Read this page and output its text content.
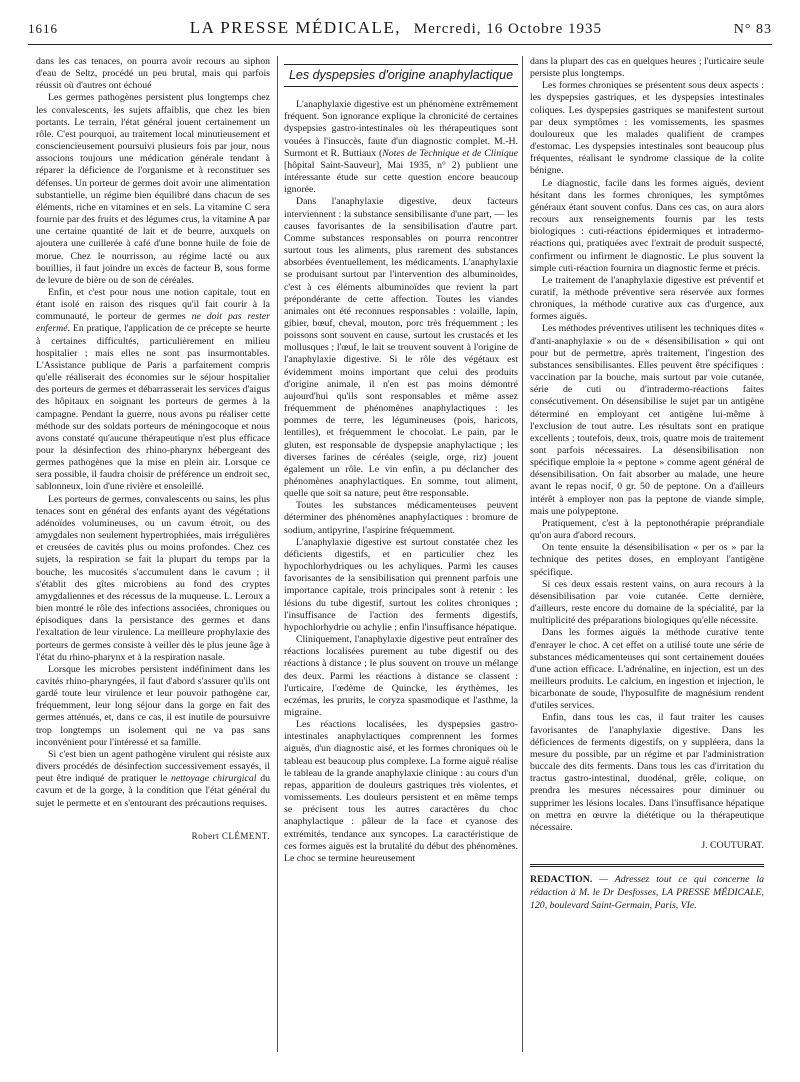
1616	LA PRESSE MÉDICALE, Mercredi, 16 Octobre 1935	N° 83

dans les cas tenaces, on pourra avoir recours au siphon d'eau de Seltz, procédé un peu brutal, mais qui parfois réussit où d'autres ont échoué

Les germes pathogènes persistent plus longtemps chez les convalescents, les sujets affaiblis, que chez les bien portants. Le terrain, l'état général jouent certainement un rôle. C'est pourquoi, au traitement local minutieusement et consciencieusement poursuivi plusieurs fois par jour, nous associons toujours une médication générale tendant à réparer la déficience de l'organisme et à reconstituer ses défenses. Un porteur de germes doit avoir une alimentation substantielle, un régime bien équilibré dans chacun de ses éléments, riche en vitamines et en sels. La vitamine C sera fournie par des fruits et des légumes crus, la vitamine A par une certaine quantité de lait et de beurre, auxquels on ajoutera une cuillerée à café d'une bonne huile de foie de morue. Chez le nourrisson, au régime lacté ou aux bouillies, il faut joindre un excès de facteur B, sous forme de levure de bière ou de son de céréales.

Enfin, et c'est pour nous une notion capitale, tout en étant isolé en raison des risques qu'il fait courir à la communauté, le porteur de germes ne doit pas rester enfermé. En pratique, l'application de ce précepte se heurte à certaines difficultés, particulièrement en milieu hospitalier ; mais elles ne sont pas insurmontables. L'Assistance publique de Paris a parfaitement compris qu'elle réaliserait des économies sur le séjour hospitalier des porteurs de germes et débarrasserait les services d'aigus des hôpitaux en soignant les porteurs de germes à la campagne. Pendant la guerre, nous avons pu réaliser cette méthode sur des soldats porteurs de méningocoque et nous avons constaté qu'aucune thérapeutique n'est plus efficace pour la désinfection des rhino-pharynx hébergeant des germes pathogènes que la mise en plein air. Lorsque ce sera possible, il faudra choisir de préférence un endroit sec, sablonneux, loin d'une rivière et ensoleillé.

Les porteurs de germes, convalescents ou sains, les plus tenaces sont en général des enfants ayant des végétations adénoïdes volumineuses, ou un cavum étroit, ou des amygdales non seulement hypertrophiées, mais irrégulières et creusées de cavités plus ou moins profondes. Chez ces sujets, la respiration se fait la plupart du temps par la bouche, les mucosités s'accumulent dans le cavum ; il s'établit des gîtes microbiens au fond des cryptes amygdaliennes et des récessus de la muqueuse. L. Leroux a bien montré le rôle des infections associées, chroniques ou épisodiques dans la persistance des germes et dans l'exaltation de leur virulence. La meilleure prophylaxie des porteurs de germes consiste à veiller dès le plus jeune âge à l'état du rhino-pharynx et à la respiration nasale.

Lorsque les microbes persistent indéfiniment dans les cavités rhino-pharyngées, il faut d'abord s'assurer qu'ils ont gardé toute leur virulence et leur pouvoir pathogène car, fréquemment, leur long séjour dans la gorge en fait des germes atténués, et, dans ce cas, il est inutile de poursuivre trop longtemps un isolement qui ne va pas sans inconvénient pour l'intéressé et sa famille.

Si c'est bien un agent pathogène virulent qui résiste aux divers procédés de désinfection successivement essayés, il peut être indiqué de pratiquer le nettoyage chirurgical du cavum et de la gorge, à la condition que l'état général du sujet le permette et en s'entourant des précautions requises.

Robert CLÉMENT.
Les dyspepsies d'origine anaphylactique

L'anaphylaxie digestive est un phénomène extrêmement fréquent. Son ignorance explique la chronicité de certaines dyspepsies gastro-intestinales où les thérapeutiques sont vouées à l'insuccès, faute d'un diagnostic complet. M.-H. Surmont et R. Buttiaux (Notes de Technique et de Clinique [hôpital Saint-Sauveur], Mai 1935, n° 2) publient une intéressante étude sur cette question encore beaucoup ignorée.

Dans l'anaphylaxie digestive, deux facteurs interviennent : la substance sensibilisante d'une part, — les causes favorisantes de la sensibilisation d'autre part. Comme substances responsables on pourra rencontrer surtout tous les aliments, plus rarement des substances absorbées éventuellement, les médicaments. L'anaphylaxie se produisant surtout par l'intervention des albuminoïdes, c'est à ces éléments albuminoïdes que revient la part prépondérante de cette affection. Toutes les viandes animales ont été reconnues responsables : volaille, lapin, gibier, bœuf, cheval, mouton, porc très fréquemment ; les poissons sont souvent en cause, surtout les crustacés et les mollusques ; l'œuf, le lait se trouvent souvent à l'origine de l'anaphylaxie digestive. Si le rôle des végétaux est évidemment moins important que celui des produits d'origine animale, il n'en est pas moins démontré aujourd'hui qu'ils sont responsables et même assez fréquemment de phénomènes anaphylactiques : les pommes de terre, les légumineuses (pois, haricots, lentilles), et fréquemment le chocolat. Le pain, par le gluten, est responsable de dyspepsie anaphylactique ; les diverses farines de céréales (seigle, orge, riz) jouent également un rôle. Le vin enfin, a pu déclancher des phénomènes anaphylactiques. En somme, tout aliment, quelle que soit sa nature, peut être responsable.

Toutes les substances médicamenteuses peuvent déterminer des phénomènes anaphylactiques : bromure de sodium, antipyrine, l'aspirine fréquemment.

L'anaphylaxie digestive est surtout constatée chez les déficients digestifs, et en particulier chez les hypochlorhydriques ou les achyliques. Parmi les causes favorisantes de la sensibilisation qui prennent parfois une importance capitale, trois principales sont à retenir : les lésions du tube digestif, surtout les colites chroniques ; l'insuffisance de l'action des ferments digestifs, hypochlorhydrie ou achylie ; enfin l'insuffisance hépatique.

Cliniquement, l'anaphylaxie digestive peut entraîner des réactions localisées purement au tube digestif ou des réactions à distance ; le plus souvent on trouve un mélange des deux. Parmi les réactions à distance se classent : l'urticaire, l'œdème de Quincke, les érythèmes, les eczémas, les prurits, le coryza spasmodique et l'asthme, la migraine.

Les réactions localisées, les dyspepsies gastro-intestinales anaphylactiques comprennent les formes aiguës, d'un diagnostic aisé, et les formes chroniques où le tableau est beaucoup plus complexe. La forme aiguë réalise le tableau de la grande anaphylaxie clinique : au cours d'un repas, apparition de douleurs gastriques très violentes, et vomissements. Les douleurs persistent et en même temps se précisent tous les autres caractères du choc anaphylactique : pâleur de la face et cyanose des extrémités, tendance aux syncopes. La caractéristique de ces formes aiguës est la brutalité du début des phénomènes. Le choc se termine heureusement

dans la plupart des cas en quelques heures ; l'urticaire seule persiste plus longtemps.

Les formes chroniques se présentent sous deux aspects : les dyspepsies gastriques, et les dyspepsies intestinales coliques. Les dyspepsies gastriques se manifestent surtout par deux symptômes : les vomissements, les spasmes douloureux que les malades qualifient de crampes d'estomac. Les dyspepsies intestinales sont beaucoup plus fréquentes, réalisant le syndrome classique de la colite bénigne.

Le diagnostic, facile dans les formes aiguës, devient hésitant dans les formes chroniques, les symptômes généraux étant souvent confus. Dans ces cas, on aura alors recours aux renseignements fournis par les tests biologiques : cuti-réactions épidermiques et intradermo-réactions qui, pratiquées avec l'extrait de produit suspecté, confirment ou infirment le diagnostic. Le plus souvent la simple cuti-réaction fournira un diagnostic ferme et précis.

Le traitement de l'anaphylaxie digestive est préventif et curatif, la méthode préventive sera réservée aux formes chroniques, la méthode curative aux cas d'urgence, aux formes aiguës.

Les méthodes préventives utilisent les techniques dites « d'anti-anaphylaxie » ou de « désensibilisation » qui ont pour but de permettre, après traitement, l'ingestion des substances sensibilisantes. Elles peuvent être spécifiques : vaccination par la bouche, mais surtout par voie cutanée, série de cuti ou d'intradermo-réactions faites consécutivement. On désensibilise le sujet par un antigène déterminé en employant cet antigène lui-même à l'exclusion de tout autre. Les résultats sont en pratique excellents ; toutefois, deux, trois, quatre mois de traitement sont parfois nécessaires. La désensibilisation non spécifique emploie la « peptone » comme agent général de désensibilisation. On fait absorber au malade, une heure avant le repas nocif, 0 gr. 50 de peptone. On a d'ailleurs intérêt à employer non pas la peptone de viande simple, mais une polypeptone.

Pratiquement, c'est à la peptonothérapie préprandiale qu'on aura d'abord recours.

On tente ensuite la désensibilisation « per os » par la technique des petites doses, en employant l'antigène spécifique.

Si ces deux essais restent vains, on aura recours à la désensibilisation par voie cutanée. Cette dernière, d'ailleurs, reste encore du domaine de la spécialité, par la multiplicité des préparations biologiques qu'elle nécessite.

Dans les formes aiguës la méthode curative tente d'enrayer le choc. A cet effet on a utilisé toute une série de substances médicamenteuses qui sont certainement douées d'une action efficace. L'adrénaline, en injection, est un des meilleurs produits. Le calcium, en ingestion et injection, le bicarbonate de soude, l'hyposulfite de magnésium rendent d'utiles services.

Enfin, dans tous les cas, il faut traiter les causes favorisantes de l'anaphylaxie digestive. Dans les déficiences de ferments digestifs, on y suppléera, dans la mesure du possible, par un régime et par l'administration buccale des dits ferments. Dans tous les cas d'irritation du tractus gastro-intestinal, duodénal, grêle, colique, on prendra les mesures nécessaires pour diminuer ou supprimer les lésions locales. Dans l'insuffisance hépatique on mettra en œuvre la diététique ou la thérapeutique nécessaire.

J. COUTURAT.
REDACTION. — Adressez tout ce qui concerne la rédaction à M. le Dr Desfosses, LA PRESSE MÉDICALE, 120, boulevard Saint-Germain, Paris, VIe.
